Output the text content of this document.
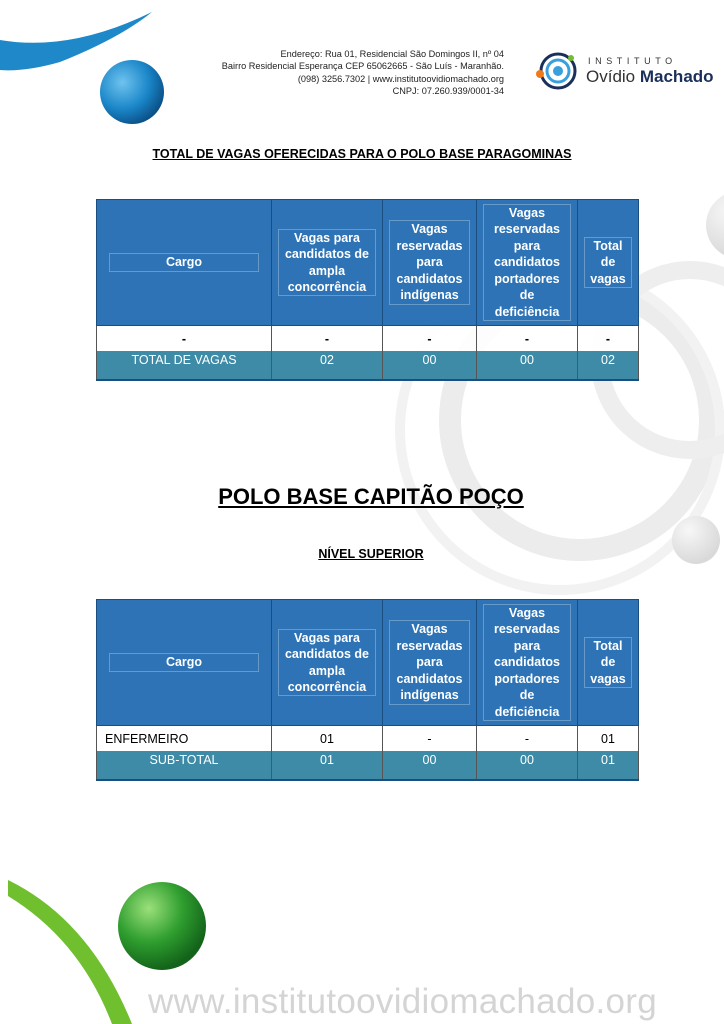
Endereço: Rua 01, Residencial São Domingos II, nº 04
Bairro Residencial Esperança CEP 65062665 - São Luís - Maranhão.
(098) 3256.7302 | www.institutoovidiomachado.org
CNPJ: 07.260.939/0001-34
INSTITUTO
Ovídio Machado
TOTAL DE VAGAS OFERECIDAS PARA O POLO BASE PARAGOMINAS
Cargo	Vagas para candidatos de ampla concorrência	Vagas reservadas para candidatos indígenas	Vagas reservadas para candidatos portadores de deficiência	Total de vagas
-	-	-	-	-
TOTAL DE VAGAS	02	00	00	02
POLO BASE CAPITÃO POÇO
NÍVEL SUPERIOR
Cargo	Vagas para candidatos de ampla concorrência	Vagas reservadas para candidatos indígenas	Vagas reservadas para candidatos portadores de deficiência	Total de vagas
ENFERMEIRO	01	-	-	01
SUB-TOTAL	01	00	00	01
www.institutoovidiomachado.org
